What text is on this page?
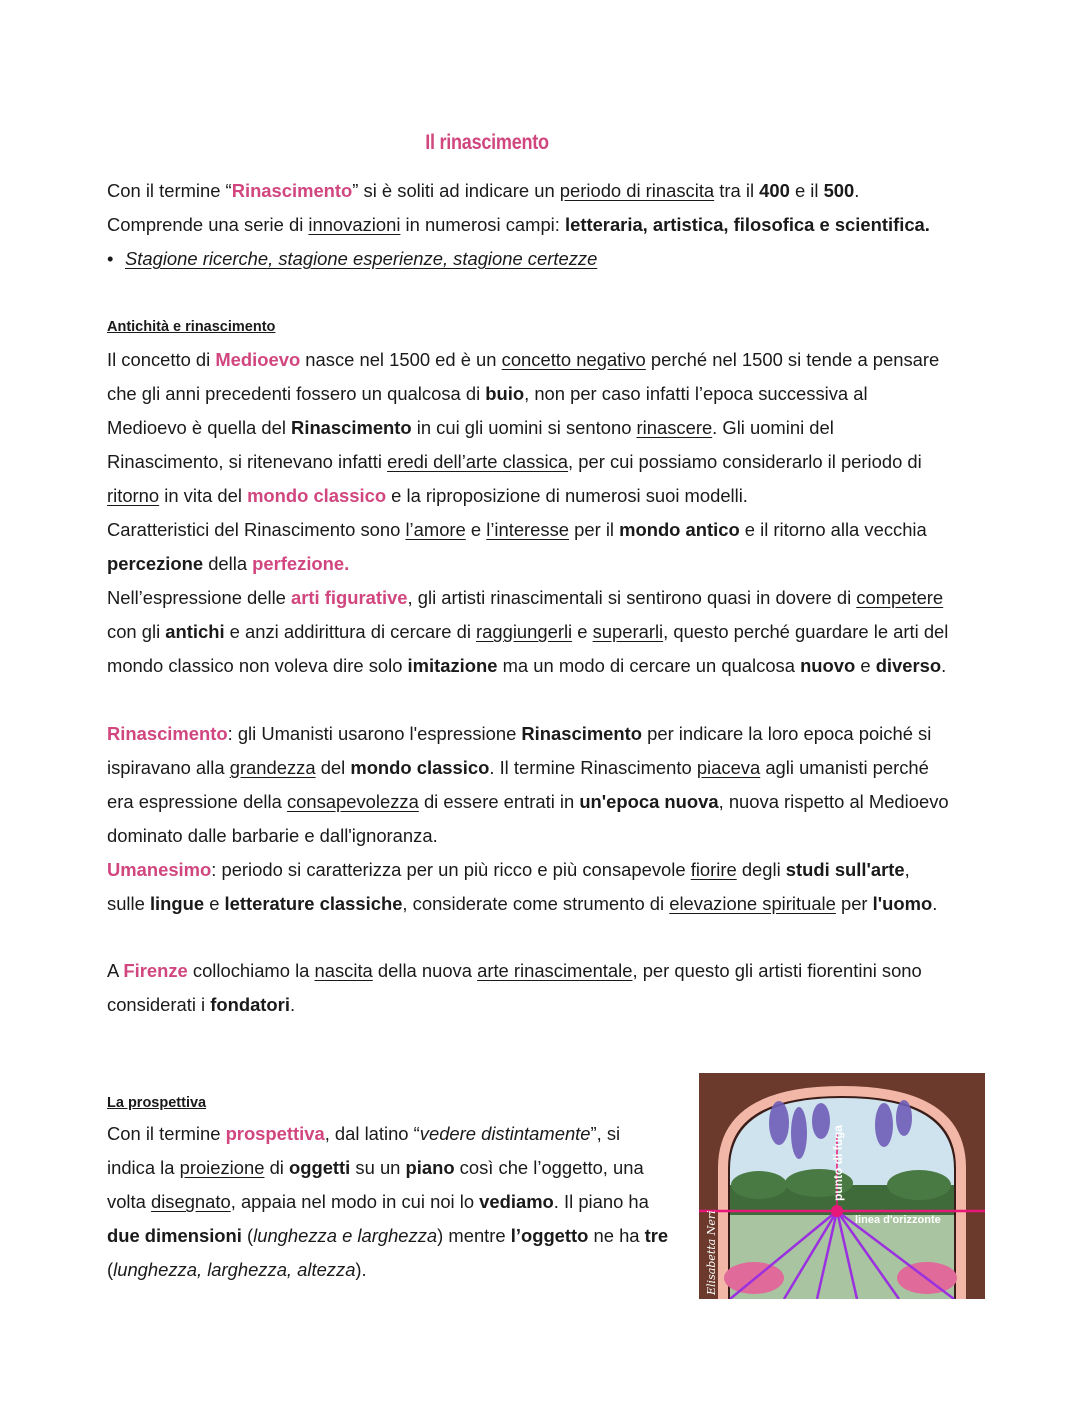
Il rinascimento
Con il termine “Rinascimento” si è soliti ad indicare un periodo di rinascita tra il 400 e il 500.
Comprende una serie di innovazioni in numerosi campi: letteraria, artistica, filosofica e scientifica.
• Stagione ricerche, stagione esperienze, stagione certezze
Antichità e rinascimento
Il concetto di Medioevo nasce nel 1500 ed è un concetto negativo perché nel 1500 si tende a pensare
che gli anni precedenti fossero un qualcosa di buio, non per caso infatti l’epoca successiva al
Medioevo è quella del Rinascimento in cui gli uomini si sentono rinascere. Gli uomini del
Rinascimento, si ritenevano infatti eredi dell’arte classica, per cui possiamo considerarlo il periodo di
ritorno in vita del mondo classico e la riproposizione di numerosi suoi modelli.
Caratteristici del Rinascimento sono l’amore e l’interesse per il mondo antico e il ritorno alla vecchia
percezione della perfezione.
Nell’espressione delle arti figurative, gli artisti rinascimentali si sentirono quasi in dovere di competere
con gli antichi e anzi addirittura di cercare di raggiungerli e superarli, questo perché guardare le arti del
mondo classico non voleva dire solo imitazione ma un modo di cercare un qualcosa nuovo e diverso.
Rinascimento: gli Umanisti usarono l'espressione Rinascimento per indicare la loro epoca poiché si
ispiravano alla grandezza del mondo classico. Il termine Rinascimento piaceva agli umanisti perché
era espressione della consapevolezza di essere entrati in un'epoca nuova, nuova rispetto al Medioevo
dominato dalle barbarie e dall'ignoranza.
Umanesimo: periodo si caratterizza per un più ricco e più consapevole fiorire degli studi sull'arte,
sulle lingue e letterature classiche, considerate come strumento di elevazione spirituale per l'uomo.
A Firenze collochiamo la nascita della nuova arte rinascimentale, per questo gli artisti fiorentini sono
considerati i fondatori.
La prospettiva
Con il termine prospettiva, dal latino “vedere distintamente”, si
indica la proiezione di oggetti su un piano così che l’oggetto, una
volta disegnato, appaia nel modo in cui noi lo vediamo. Il piano ha
due dimensioni (lunghezza e larghezza) mentre l’oggetto ne ha tre
(lunghezza, larghezza, altezza).
punto di fuga
linea d'orizzonte
Elisabetta Neri
